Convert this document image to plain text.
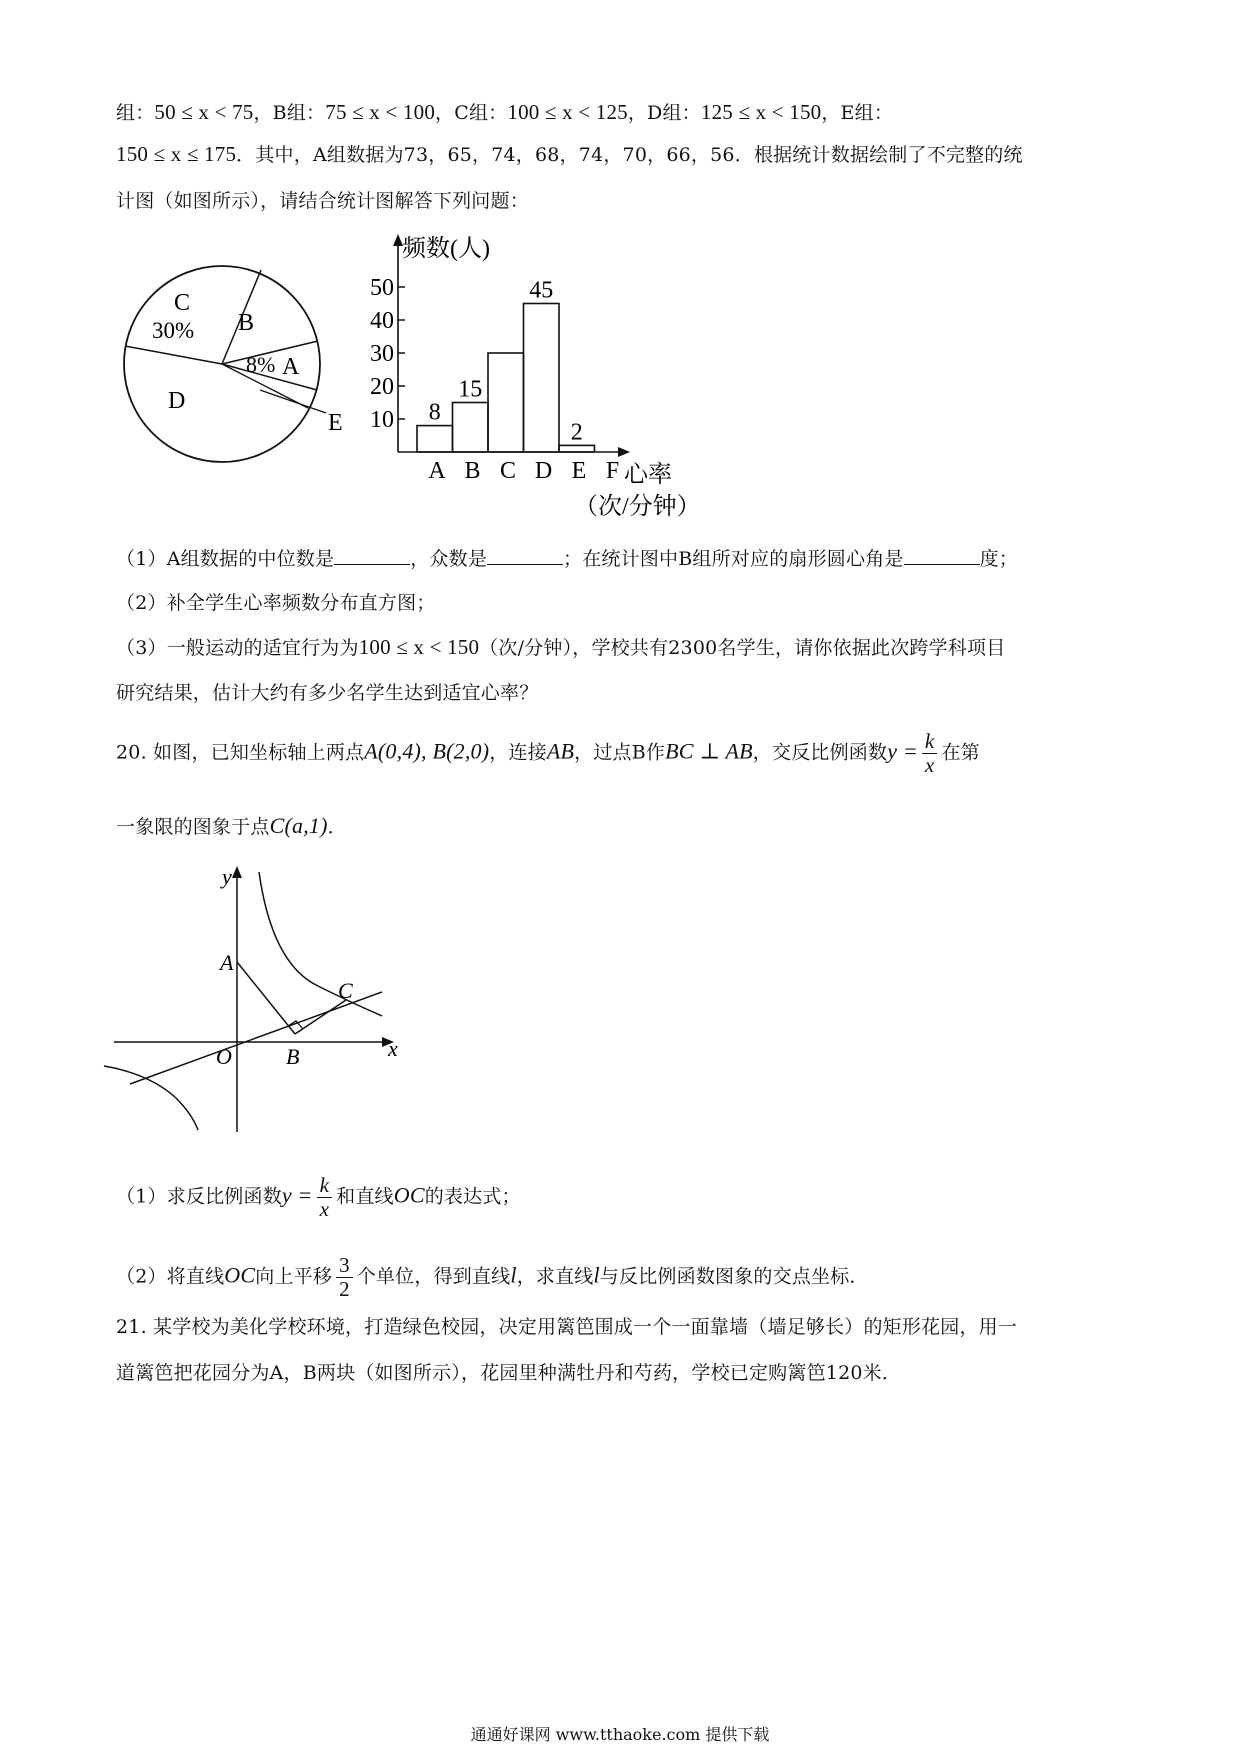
组：50 ≤ x < 75，B组：75 ≤ x < 100，C组：100 ≤ x < 125，D组：125 ≤ x < 150，E组：
150 ≤ x ≤ 175．其中，A组数据为73，65，74，68，74，70，66，56．根据统计数据绘制了不完整的统
计图（如图所示），请结合统计图解答下列问题：
C
30% B
8% A
D
E
频数(人)
10
20
30
40
50
8
15
45
2
A B C D E F 心率
（次/分钟）
（1）A组数据的中位数是	，众数是	；在统计图中B组所对应的扇形圆心角是	度；
（2）补全学生心率频数分布直方图；
（3）一般运动的适宜行为为100 ≤ x < 150（次/分钟），学校共有2300名学生，请你依据此次跨学科项目
研究结果，估计大约有多少名学生达到适宜心率？
20. 如图，已知坐标轴上两点A(0,4), B(2,0)，连接AB，过点B作BC ⊥ AB，交反比例函数$y = \frac{k}{x}$ 在第
一象限的图象于点C(a,1)．
y
A
C
O B	x
（1）求反比例函数$y = \frac{k}{x}$ 和直线OC的表达式；
（2）将直线OC向上平移 $\frac{3}{2}$ 个单位，得到直线l，求直线l与反比例函数图象的交点坐标．
21. 某学校为美化学校环境，打造绿色校园，决定用篱笆围成一个一面靠墙（墙足够长）的矩形花园，用一
道篱笆把花园分为A，B两块（如图所示），花园里种满牡丹和芍药，学校已定购篱笆120米．
通通好课网 www.tthaoke.com 提供下载
